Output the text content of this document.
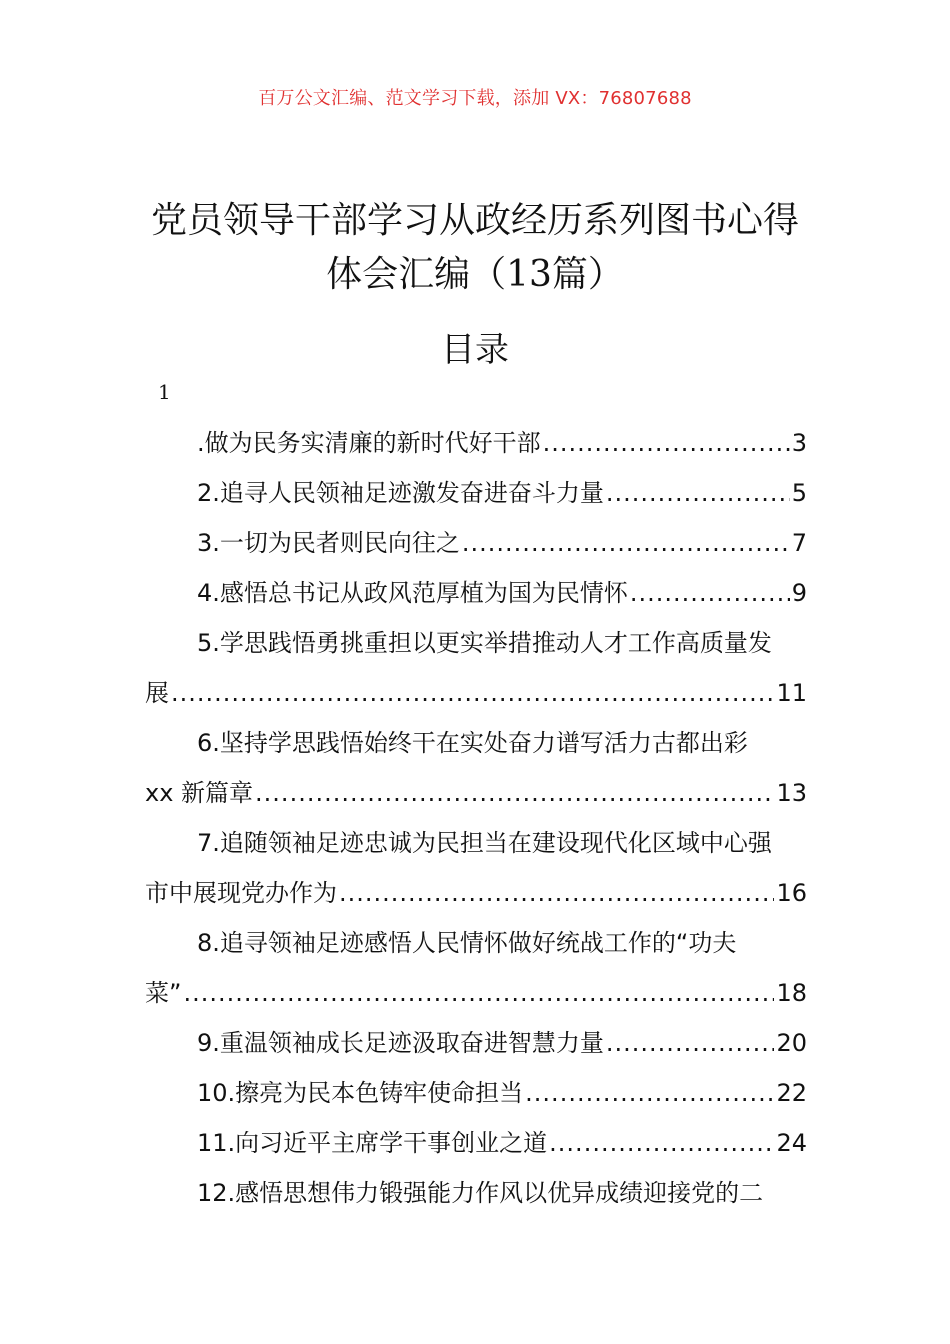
百万公文汇编、范文学习下载，添加 VX：76807688
党员领导干部学习从政经历系列图书心得
体会汇编（13篇）
目录
1
.做为民务实清廉的新时代好干部 .....	3
2.追寻人民领袖足迹激发奋进奋斗力量 .....	5
3.一切为民者则民向往之 .....	7
4.感悟总书记从政风范厚植为国为民情怀 .....	9
5.学思践悟勇挑重担以更实举措推动人才工作高质量发
展 .....	11
6.坚持学思践悟始终干在实处奋力谱写活力古都出彩
xx 新篇章 .....	13
7.追随领袖足迹忠诚为民担当在建设现代化区域中心强
市中展现党办作为 .....	16
8.追寻领袖足迹感悟人民情怀做好统战工作的“功夫
菜” .....	18
9.重温领袖成长足迹汲取奋进智慧力量 .....	20
10.擦亮为民本色铸牢使命担当 .....	22
11.向习近平主席学干事创业之道 .....	24
12.感悟思想伟力锻强能力作风以优异成绩迎接党的二
